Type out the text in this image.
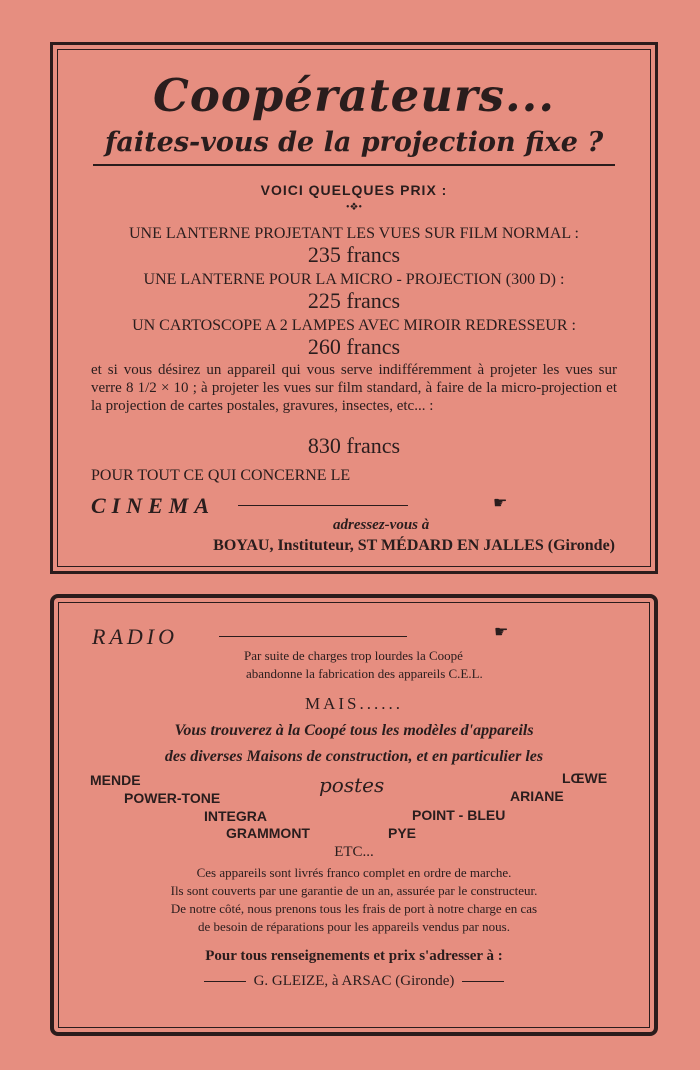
Coopérateurs...
faites-vous de la projection fixe ?
VOICI QUELQUES PRIX :
•❖•
UNE LANTERNE PROJETANT LES VUES SUR FILM NORMAL :
235 francs
UNE LANTERNE POUR LA MICRO - PROJECTION (300 D) :
225 francs
UN CARTOSCOPE A 2 LAMPES AVEC MIROIR REDRESSEUR :
260 francs
et si vous désirez un appareil qui vous serve indifféremment à projeter les vues sur verre 8 1/2 × 10 ; à projeter les vues sur film standard, à faire de la micro-projection et la projection de cartes postales, gravures, insectes, etc... :
830 francs
POUR TOUT CE QUI CONCERNE LE
CINEMA	☛
adressez-vous à
BOYAU, Instituteur, ST MÉDARD EN JALLES (Gironde)
RADIO	☛
Par suite de charges trop lourdes la Coopé
abandonne la fabrication des appareils C.E.L.
MAIS......
Vous trouverez à la Coopé tous les modèles d'appareils
des diverses Maisons de construction, et en particulier les
MENDE
POWER-TONE
INTEGRA
GRAMMONT
postes	LŒWE
ARIANE
POINT - BLEU
PYE
ETC...
Ces appareils sont livrés franco complet en ordre de marche.
Ils sont couverts par une garantie de un an, assurée par le constructeur.
De notre côté, nous prenons tous les frais de port à notre charge en cas
de besoin de réparations pour les appareils vendus par nous.
Pour tous renseignements et prix s'adresser à :
G. GLEIZE, à ARSAC (Gironde)
